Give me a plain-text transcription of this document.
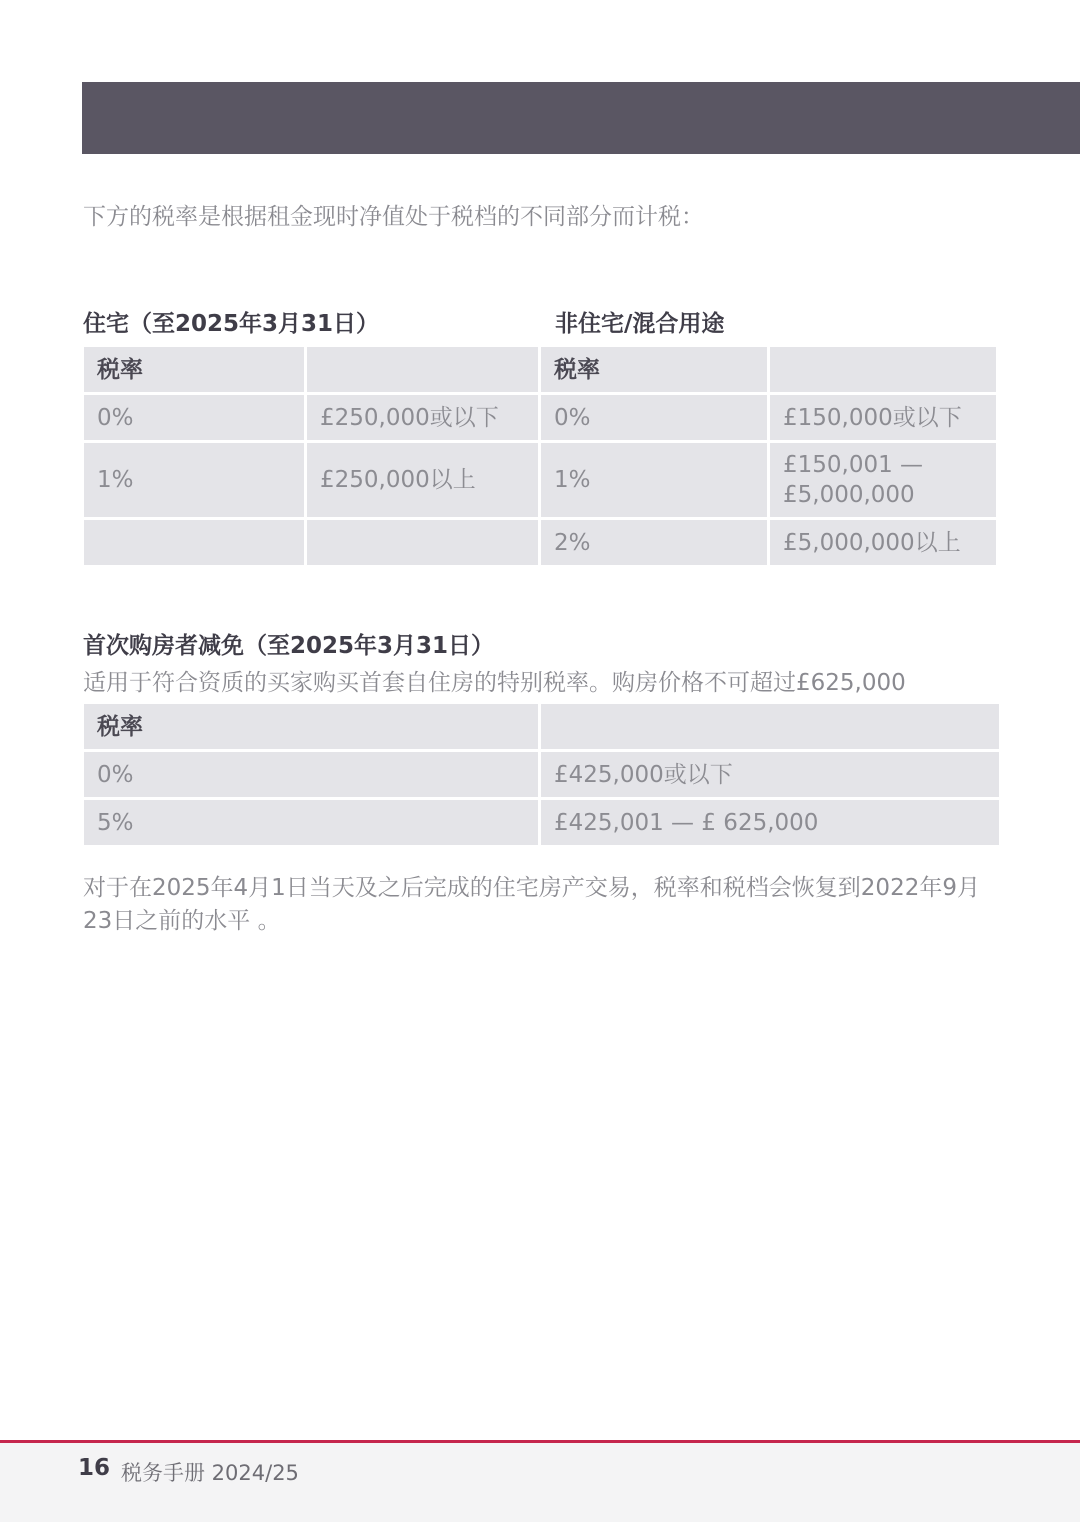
下方的税率是根据租金现时净值处于税档的不同部分而计税：
住宅（至2025年3月31日）	非住宅/混合用途
税率		税率	
0%	£250,000或以下	0%	£150,000或以下
1%	£250,000以上	1%	£150,001 — £5,000,000
		2%	£5,000,000以上
首次购房者减免（至2025年3月31日）
适用于符合资质的买家购买首套自住房的特别税率。购房价格不可超过£625,000
税率	
0%	£425,000或以下
5%	£425,001 — £ 625,000
对于在2025年4月1日当天及之后完成的住宅房产交易，税率和税档会恢复到2022年9月23日之前的水平 。
16 税务手册 2024/25
